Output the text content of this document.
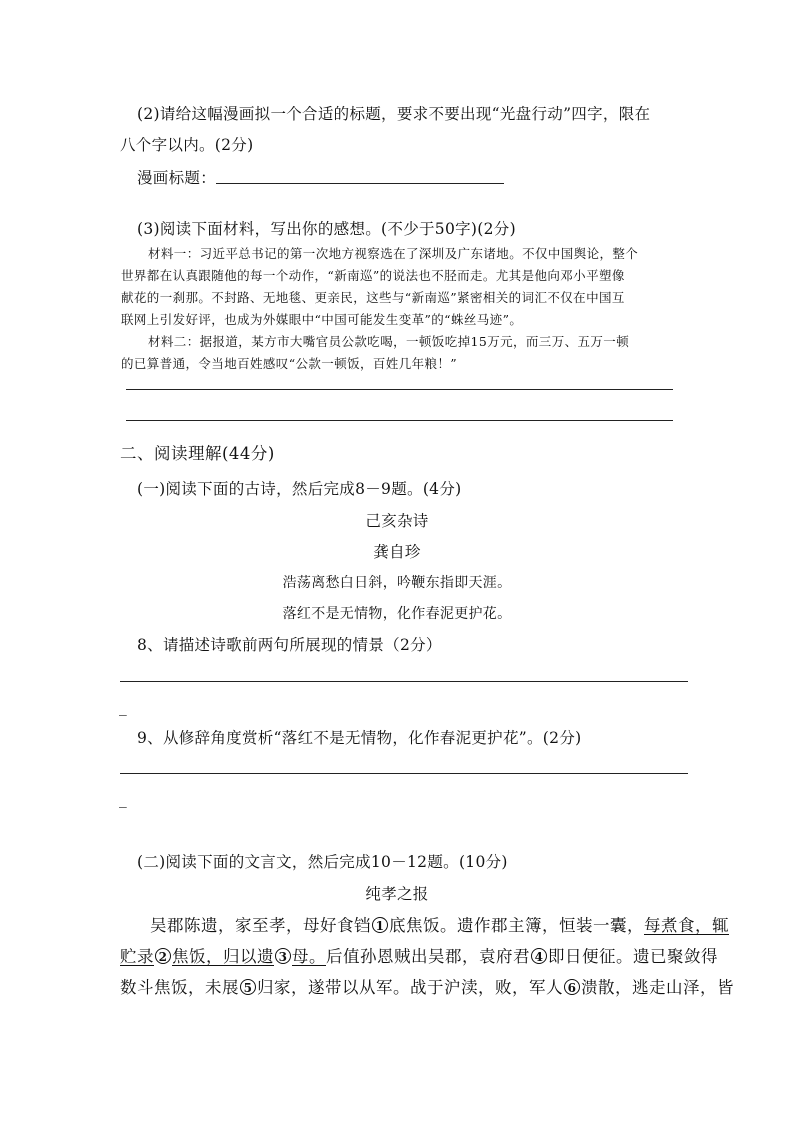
(2)请给这幅漫画拟一个合适的标题，要求不要出现“光盘行动”四字，限在
八个字以内。(2分)
漫画标题：
(3)阅读下面材料，写出你的感想。(不少于50字)(2分)
材料一：习近平总书记的第一次地方视察选在了深圳及广东诸地。不仅中国舆论，整个
世界都在认真跟随他的每一个动作，“新南巡”的说法也不胫而走。尤其是他向邓小平塑像
献花的一刹那。不封路、无地毯、更亲民，这些与“新南巡”紧密相关的词汇不仅在中国互
联网上引发好评，也成为外媒眼中“中国可能发生变革”的“蛛丝马迹”。
材料二：据报道，某方市大嘴官员公款吃喝，一顿饭吃掉15万元，而三万、五万一顿
的已算普通，令当地百姓感叹“公款一顿饭，百姓几年粮！”
二、阅读理解(44分)
(一)阅读下面的古诗，然后完成8－9题。(4分)
己亥杂诗
龚自珍
浩荡离愁白日斜，吟鞭东指即天涯。
落红不是无情物，化作春泥更护花。
8、请描述诗歌前两句所展现的情景（2分）
_
9、从修辞角度赏析“落红不是无情物，化作春泥更护花”。(2分)
_
(二)阅读下面的文言文，然后完成10－12题。(10分)
纯孝之报
吴郡陈遗，家至孝，母好食铛 1 底焦饭。遗作郡主簿，恒装一囊，每煮食，辄
贮录 2 焦饭，归以遗 3 母。后值孙恩贼出吴郡，袁府君 4 即日便征。遗已聚敛得
数斗焦饭，未展 5 归家，遂带以从军。战于沪渎，败，军人 6 溃散，逃走山泽，皆
